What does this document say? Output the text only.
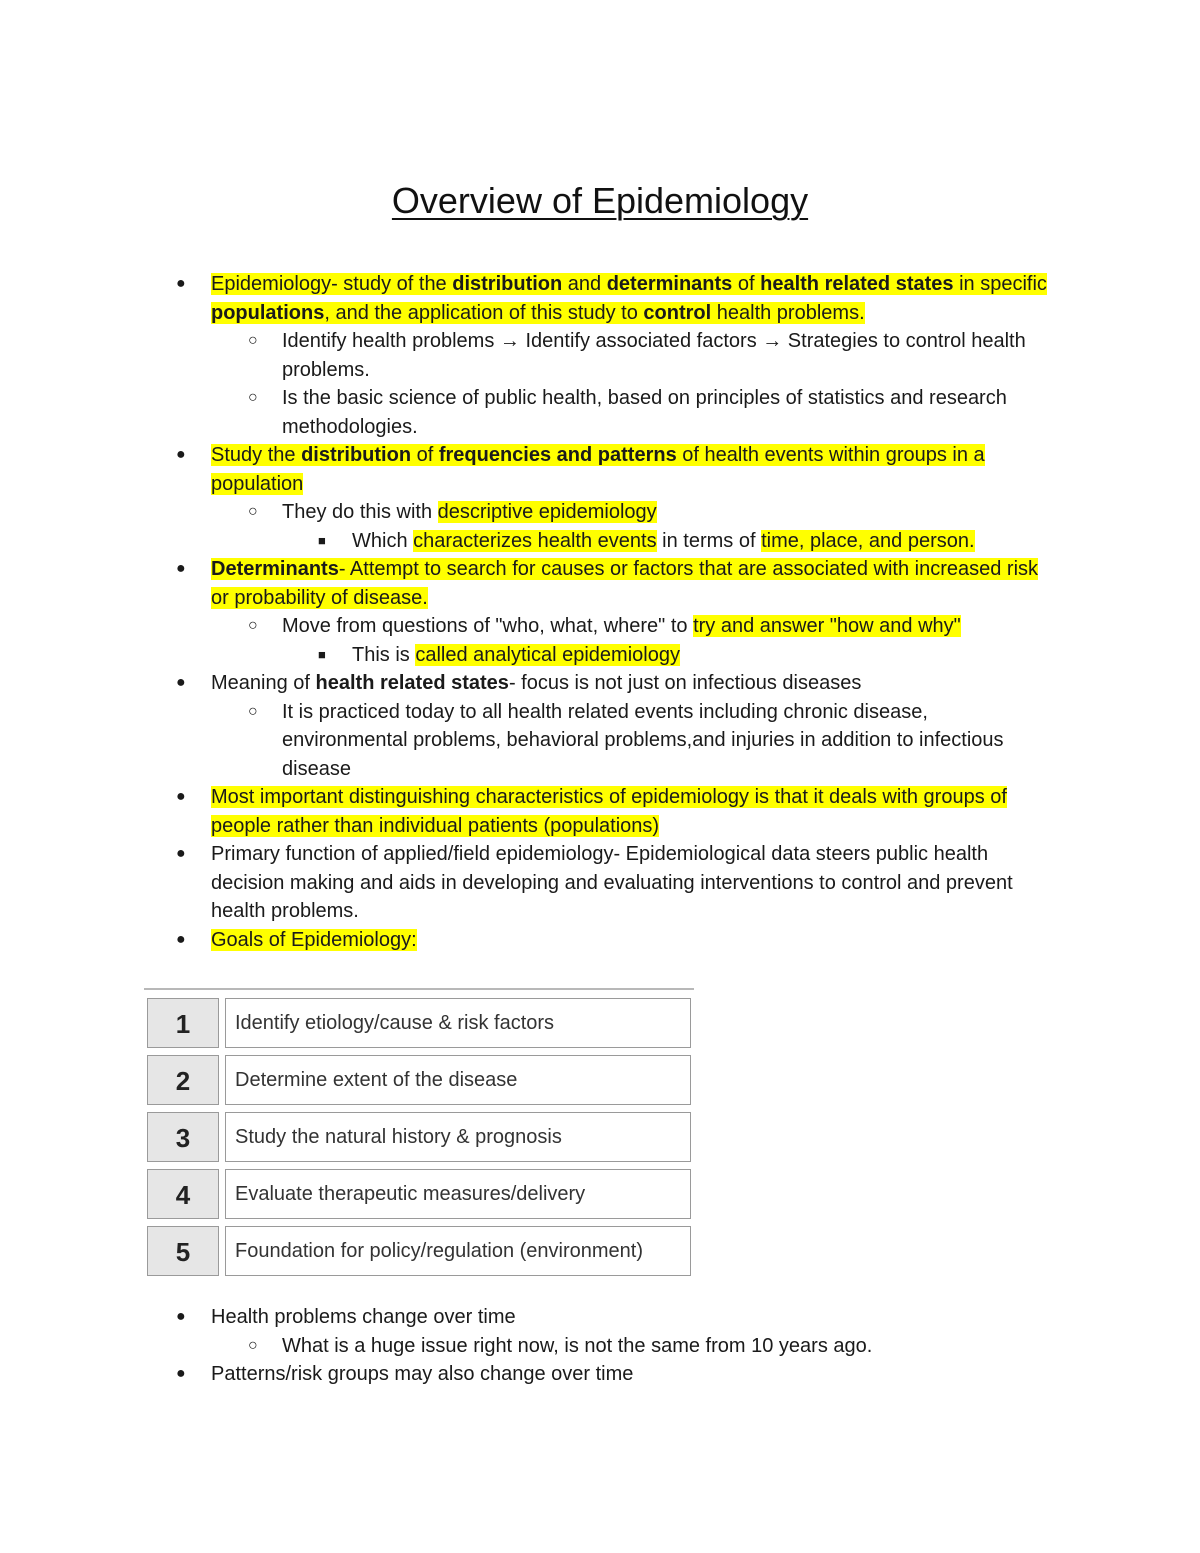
Overview of Epidemiology
● Epidemiology- study of the distribution and determinants of health related states in specific populations, and the application of this study to control health problems.
○ Identify health problems → Identify associated factors → Strategies to control health problems.
○ Is the basic science of public health, based on principles of statistics and research methodologies.
● Study the distribution of frequencies and patterns of health events within groups in a population
○ They do this with descriptive epidemiology
■ Which characterizes health events in terms of time, place, and person.
● Determinants- Attempt to search for causes or factors that are associated with increased risk or probability of disease.
○ Move from questions of "who, what, where" to try and answer "how and why"
■ This is called analytical epidemiology
● Meaning of health related states- focus is not just on infectious diseases
○ It is practiced today to all health related events including chronic disease, environmental problems, behavioral problems,and injuries in addition to infectious disease
● Most important distinguishing characteristics of epidemiology is that it deals with groups of people rather than individual patients (populations)
● Primary function of applied/field epidemiology- Epidemiological data steers public health decision making and aids in developing and evaluating interventions to control and prevent health problems.
● Goals of Epidemiology:
1	Identify etiology/cause & risk factors
2	Determine extent of the disease
3	Study the natural history & prognosis
4	Evaluate therapeutic measures/delivery
5	Foundation for policy/regulation (environment)
● Health problems change over time
○ What is a huge issue right now, is not the same from 10 years ago.
● Patterns/risk groups may also change over time
